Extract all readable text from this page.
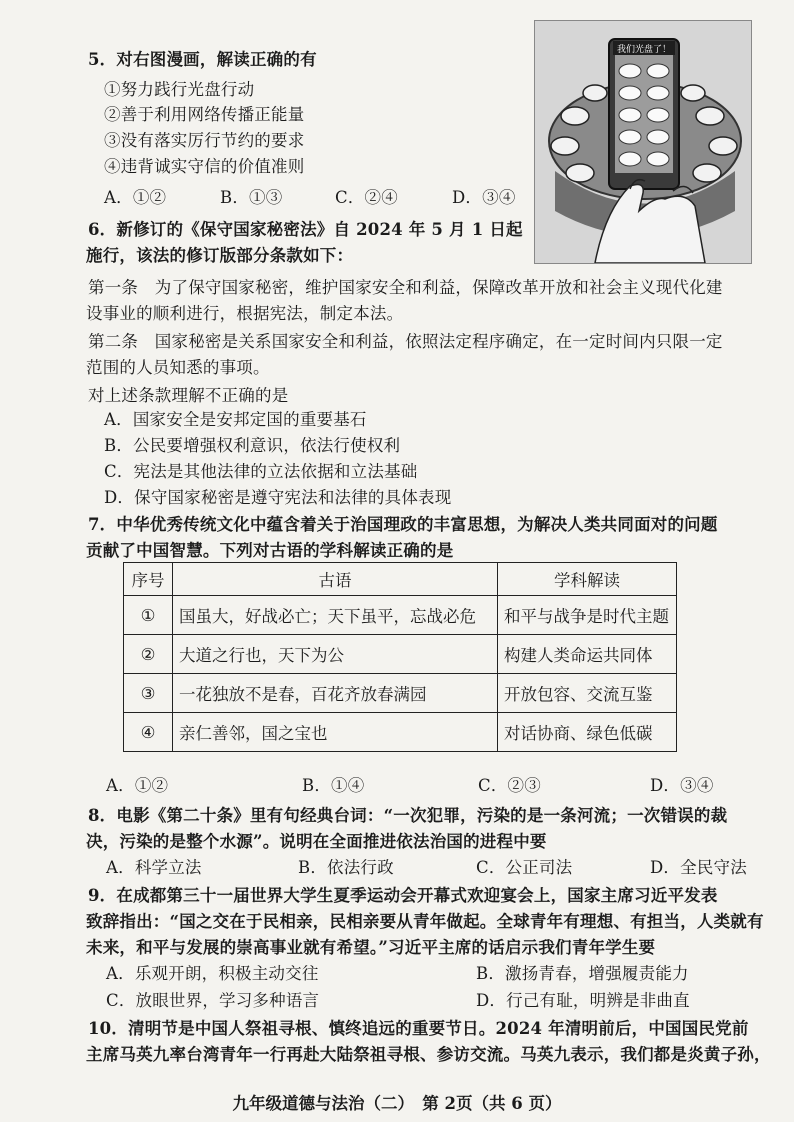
5．对右图漫画，解读正确的有
①努力践行光盘行动
②善于利用网络传播正能量
③没有落实厉行节约的要求
④违背诚实守信的价值准则
A．①②	B．①③	C．②④	D．③④
我们光盘了！
6．新修订的《保守国家秘密法》自 2024 年 5 月 1 日起
施行，该法的修订版部分条款如下：
第一条　为了保守国家秘密，维护国家安全和利益，保障改革开放和社会主义现代化建
设事业的顺利进行，根据宪法，制定本法。
第二条　国家秘密是关系国家安全和利益，依照法定程序确定，在一定时间内只限一定
范围的人员知悉的事项。
对上述条款理解不正确的是
A．国家安全是安邦定国的重要基石
B．公民要增强权利意识，依法行使权利
C．宪法是其他法律的立法依据和立法基础
D．保守国家秘密是遵守宪法和法律的具体表现
7．中华优秀传统文化中蕴含着关于治国理政的丰富思想，为解决人类共同面对的问题
贡献了中国智慧。下列对古语的学科解读正确的是
序号	古语	学科解读
①	国虽大，好战必亡；天下虽平，忘战必危	和平与战争是时代主题
②	大道之行也，天下为公	构建人类命运共同体
③	一花独放不是春，百花齐放春满园	开放包容、交流互鉴
④	亲仁善邻，国之宝也	对话协商、绿色低碳
A．①②	B．①④	C．②③	D．③④
8．电影《第二十条》里有句经典台词：“一次犯罪，污染的是一条河流；一次错误的裁
决，污染的是整个水源”。说明在全面推进依法治国的进程中要
A．科学立法	B．依法行政	C．公正司法	D．全民守法
9．在成都第三十一届世界大学生夏季运动会开幕式欢迎宴会上，国家主席习近平发表
致辞指出：“国之交在于民相亲，民相亲要从青年做起。全球青年有理想、有担当，人类就有
未来，和平与发展的崇高事业就有希望。”习近平主席的话启示我们青年学生要
A．乐观开朗，积极主动交往	B．激扬青春，增强履责能力
C．放眼世界，学习多种语言	D．行己有耻，明辨是非曲直
10．清明节是中国人祭祖寻根、慎终追远的重要节日。2024 年清明前后，中国国民党前
主席马英九率台湾青年一行再赴大陆祭祖寻根、参访交流。马英九表示，我们都是炎黄子孙，
九年级道德与法治（二）　第 2页（共 6 页）
